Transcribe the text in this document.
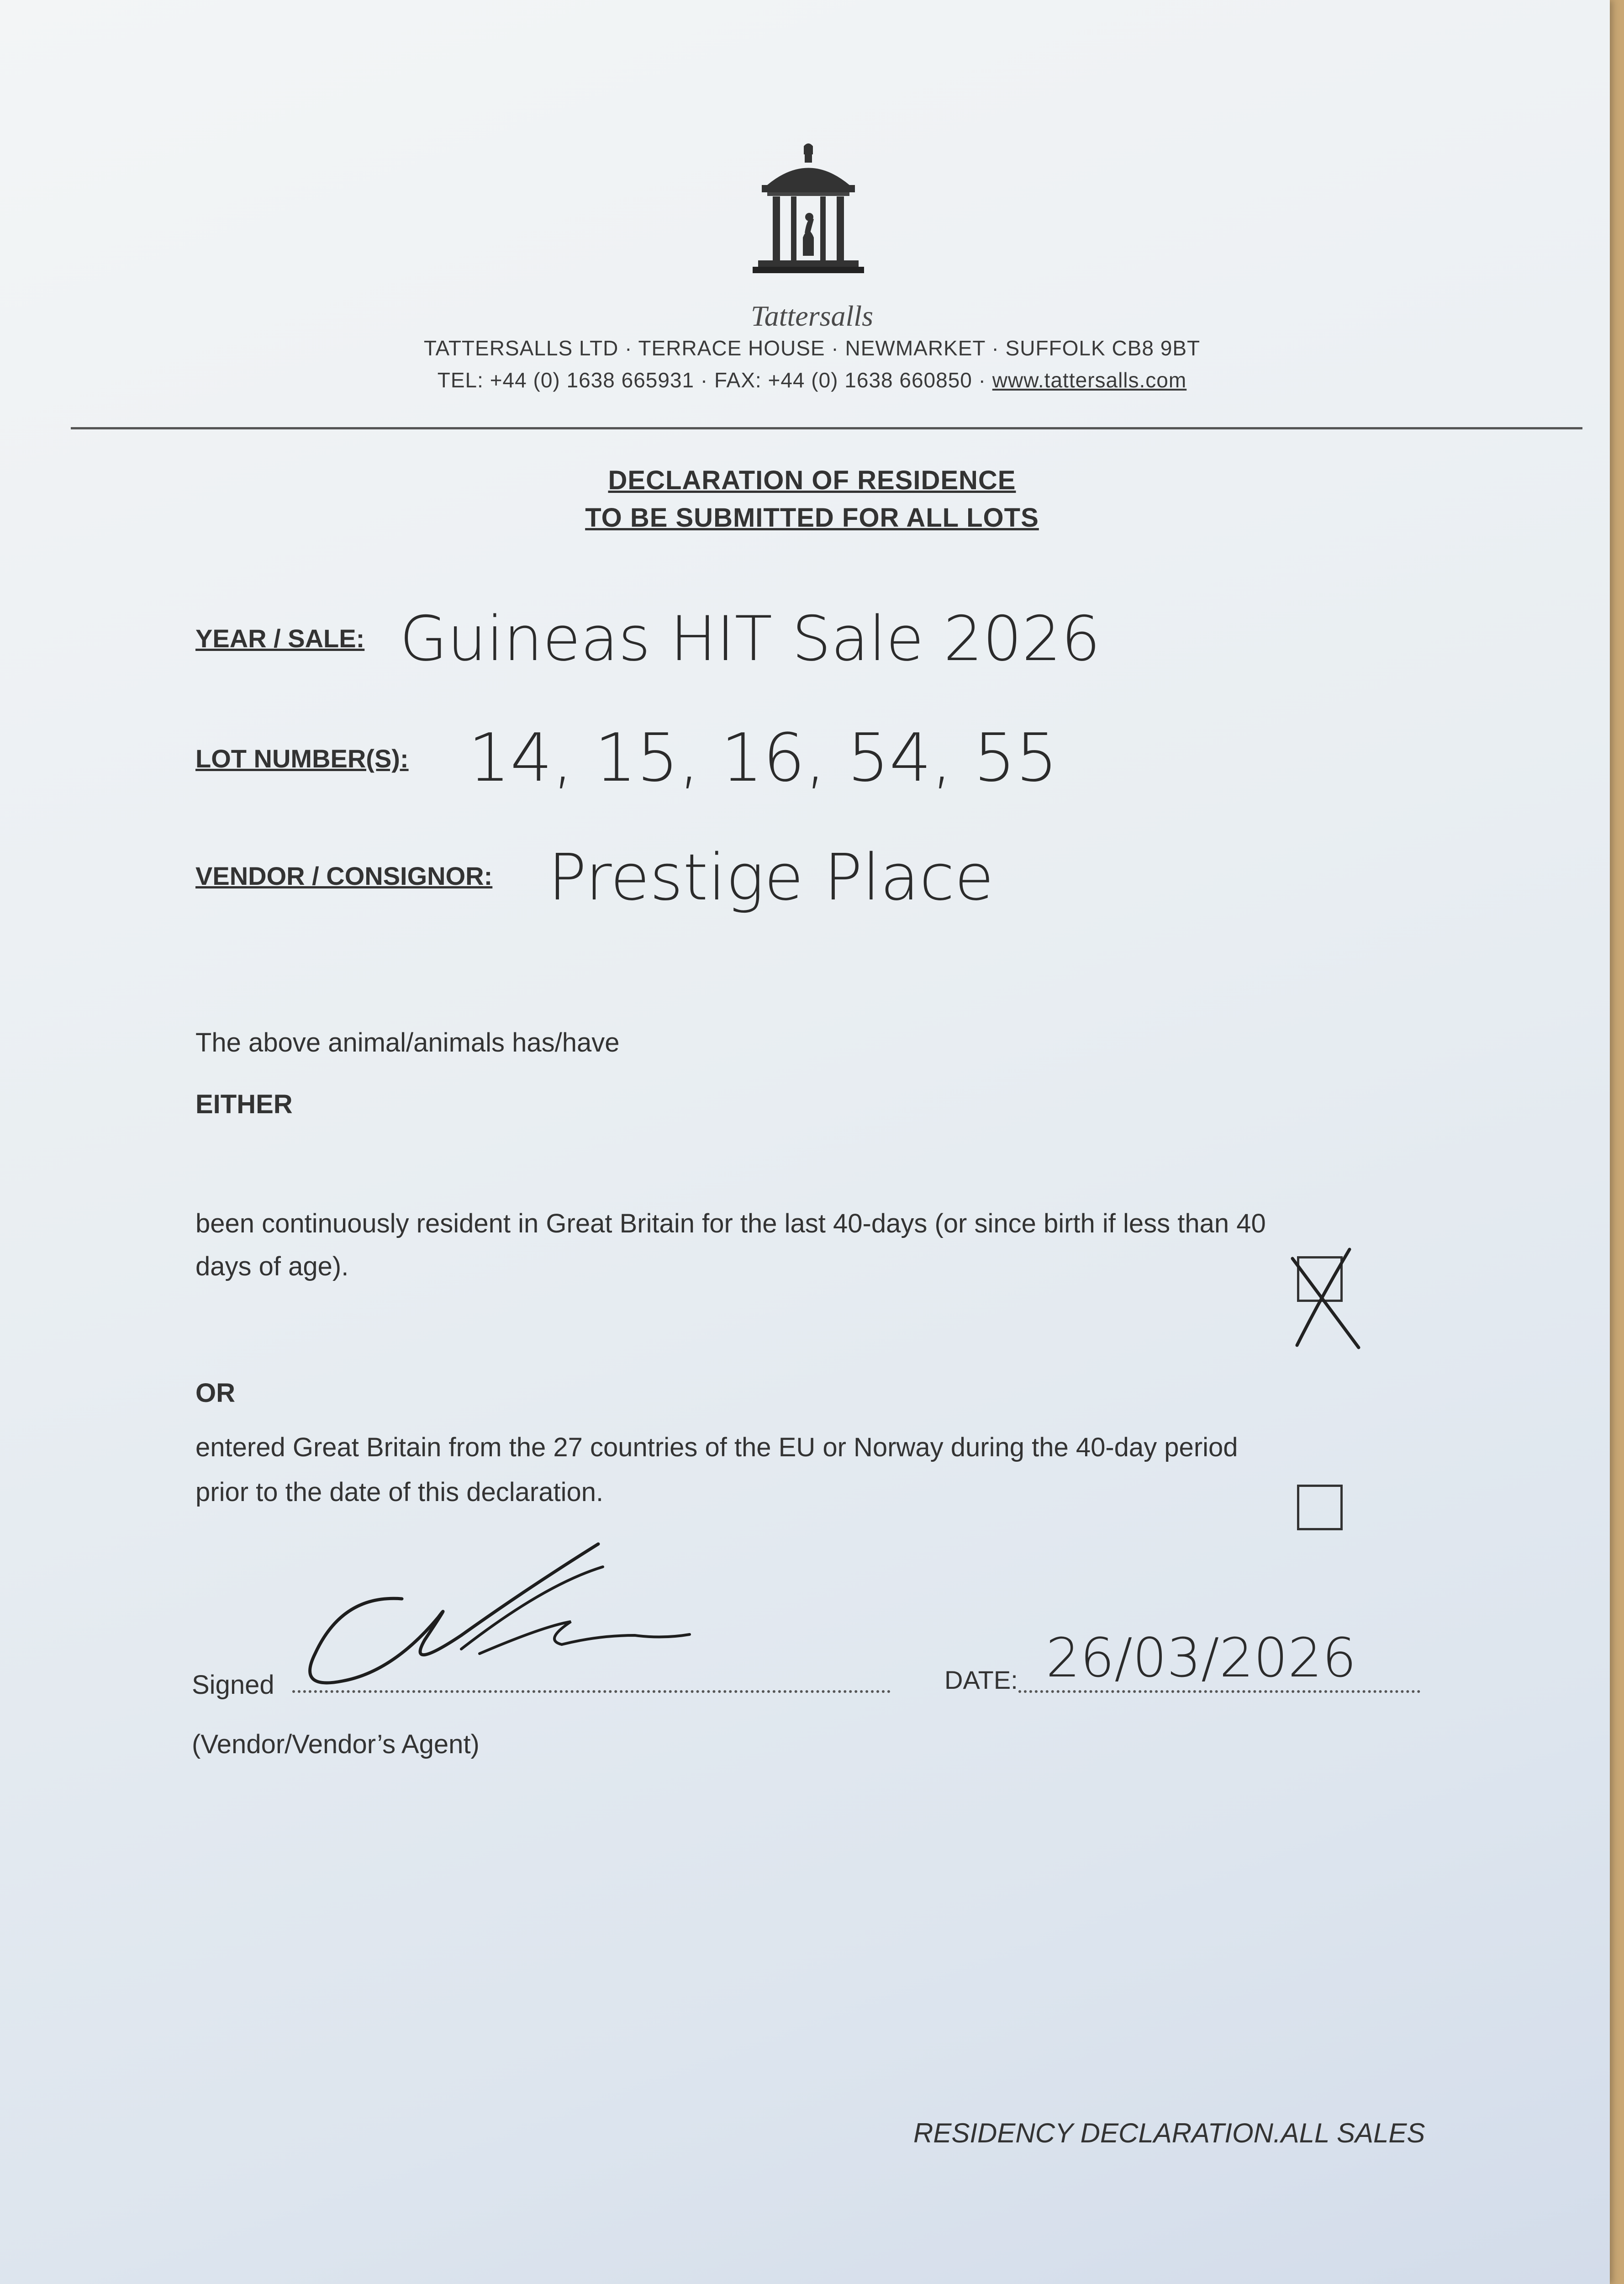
Tattersalls
TATTERSALLS LTD · TERRACE HOUSE · NEWMARKET · SUFFOLK CB8 9BT
TEL: +44 (0) 1638 665931 · FAX: +44 (0) 1638 660850 · www.tattersalls.com
DECLARATION OF RESIDENCE
TO BE SUBMITTED FOR ALL LOTS
YEAR / SALE: Guineas HIT Sale 2026
LOT NUMBER(S): 14, 15, 16, 54, 55
VENDOR / CONSIGNOR: Prestige Place
The above animal/animals has/have
EITHER
been continuously resident in Great Britain for the last 40-days (or since birth if less than 40
days of age).
OR
entered Great Britain from the 27 countries of the EU or Norway during the 40-day period
prior to the date of this declaration.
Signed	DATE: 26/03/2026
(Vendor/Vendor’s Agent)
RESIDENCY DECLARATION.ALL SALES
